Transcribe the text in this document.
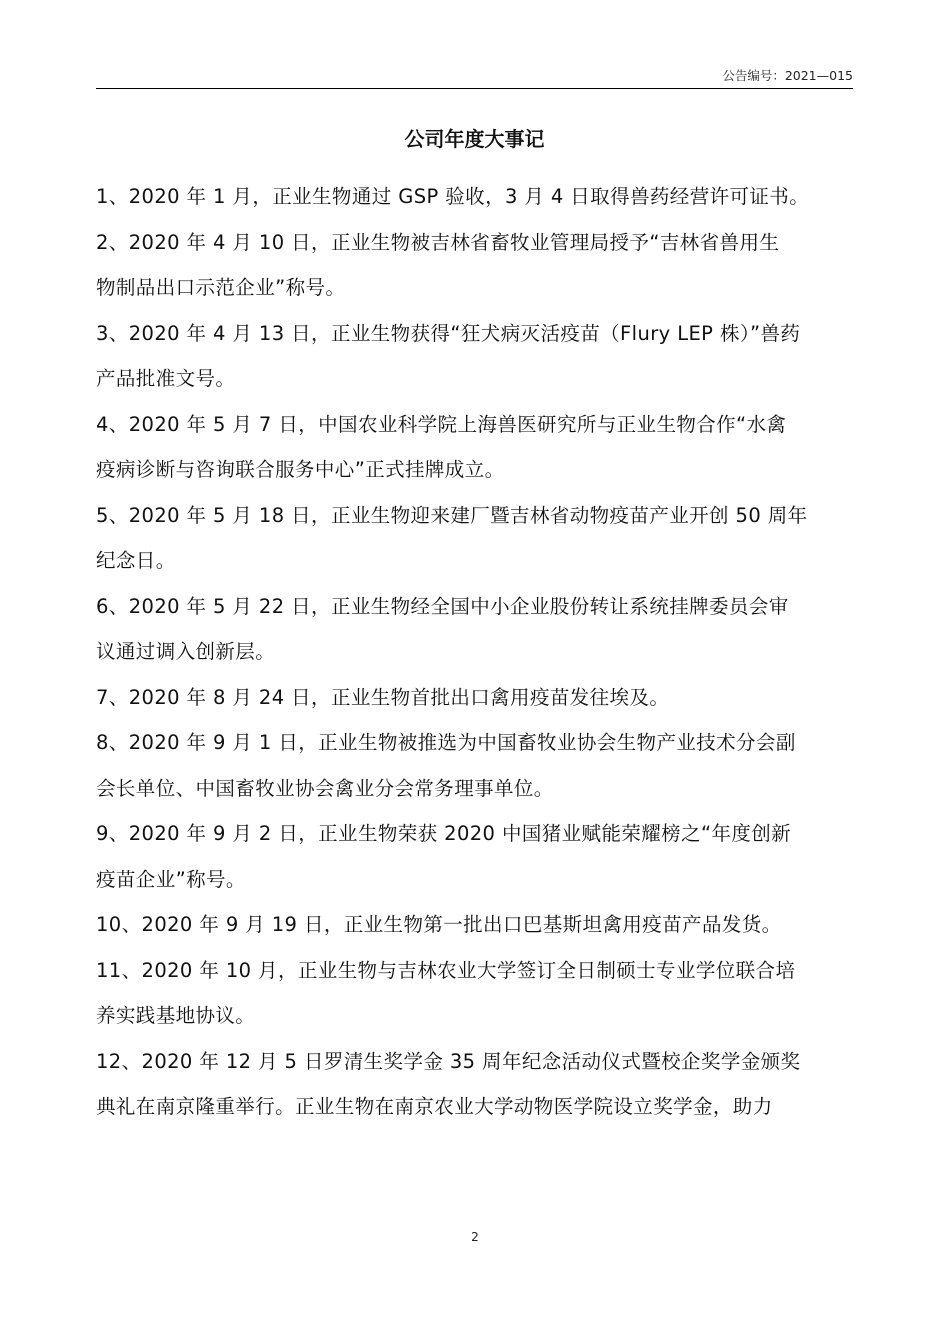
公告编号：2021—015
公司年度大事记
1、2020 年 1 月，正业生物通过 GSP 验收，3 月 4 日取得兽药经营许可证书。
2、2020 年 4 月 10 日，正业生物被吉林省畜牧业管理局授予“吉林省兽用生
物制品出口示范企业”称号。
3、2020 年 4 月 13 日，正业生物获得“狂犬病灭活疫苗（Flury LEP 株）”兽药
产品批准文号。
4、2020 年 5 月 7 日，中国农业科学院上海兽医研究所与正业生物合作“水禽
疫病诊断与咨询联合服务中心”正式挂牌成立。
5、2020 年 5 月 18 日，正业生物迎来建厂暨吉林省动物疫苗产业开创 50 周年
纪念日。
6、2020 年 5 月 22 日，正业生物经全国中小企业股份转让系统挂牌委员会审
议通过调入创新层。
7、2020 年 8 月 24 日，正业生物首批出口禽用疫苗发往埃及。
8、2020 年 9 月 1 日，正业生物被推选为中国畜牧业协会生物产业技术分会副
会长单位、中国畜牧业协会禽业分会常务理事单位。
9、2020 年 9 月 2 日，正业生物荣获 2020 中国猪业赋能荣耀榜之“年度创新
疫苗企业”称号。
10、2020 年 9 月 19 日，正业生物第一批出口巴基斯坦禽用疫苗产品发货。
11、2020 年 10 月，正业生物与吉林农业大学签订全日制硕士专业学位联合培
养实践基地协议。
12、2020 年 12 月 5 日罗清生奖学金 35 周年纪念活动仪式暨校企奖学金颁奖
典礼在南京隆重举行。正业生物在南京农业大学动物医学院设立奖学金，助力
2
